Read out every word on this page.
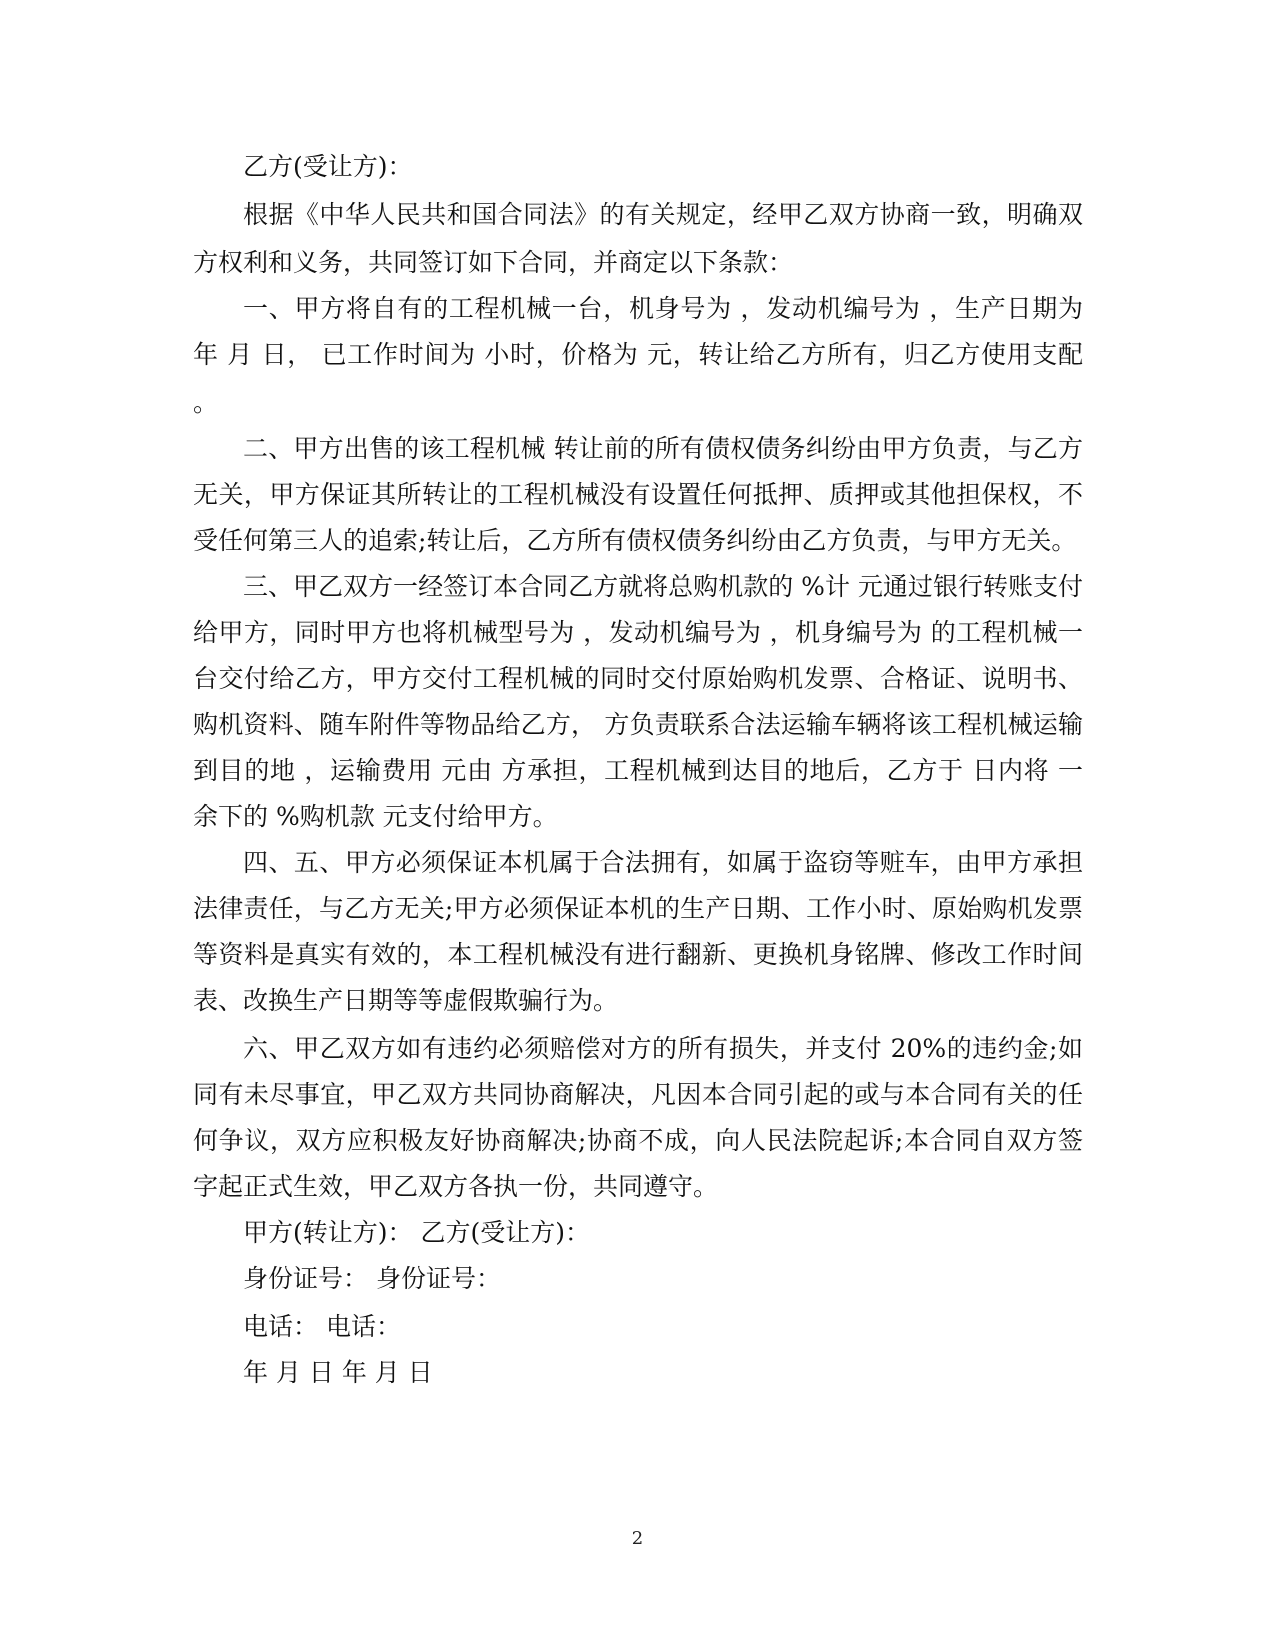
乙方(受让方)：

根据《中华人民共和国合同法》的有关规定，经甲乙双方协商一致，明确双

方权利和义务，共同签订如下合同，并商定以下条款：

一、甲方将自有的工程机械一台，机身号为 ，发动机编号为 ，生产日期为

年 月 日， 已工作时间为 小时，价格为 元，转让给乙方所有，归乙方使用支配

。

二、甲方出售的该工程机械 转让前的所有债权债务纠纷由甲方负责，与乙方

无关，甲方保证其所转让的工程机械没有设置任何抵押、质押或其他担保权，不

受任何第三人的追索;转让后，乙方所有债权债务纠纷由乙方负责，与甲方无关。

三、甲乙双方一经签订本合同乙方就将总购机款的 %计 元通过银行转账支付

给甲方，同时甲方也将机械型号为 ，发动机编号为 ，机身编号为 的工程机械一

台交付给乙方，甲方交付工程机械的同时交付原始购机发票、合格证、说明书、

购机资料、随车附件等物品给乙方， 方负责联系合法运输车辆将该工程机械运输

到目的地 ，运输费用 元由 方承担，工程机械到达目的地后，乙方于 日内将 一

余下的 %购机款 元支付给甲方。

四、五、甲方必须保证本机属于合法拥有，如属于盗窃等赃车，由甲方承担

法律责任，与乙方无关;甲方必须保证本机的生产日期、工作小时、原始购机发票

等资料是真实有效的，本工程机械没有进行翻新、更换机身铭牌、修改工作时间

表、改换生产日期等等虚假欺骗行为。

六、甲乙双方如有违约必须赔偿对方的所有损失，并支付 20%的违约金;如

同有未尽事宜，甲乙双方共同协商解决，凡因本合同引起的或与本合同有关的任

何争议，双方应积极友好协商解决;协商不成，向人民法院起诉;本合同自双方签

字起正式生效，甲乙双方各执一份，共同遵守。

甲方(转让方)： 乙方(受让方)：

身份证号： 身份证号：

电话： 电话：

年 月 日 年 月 日

2
